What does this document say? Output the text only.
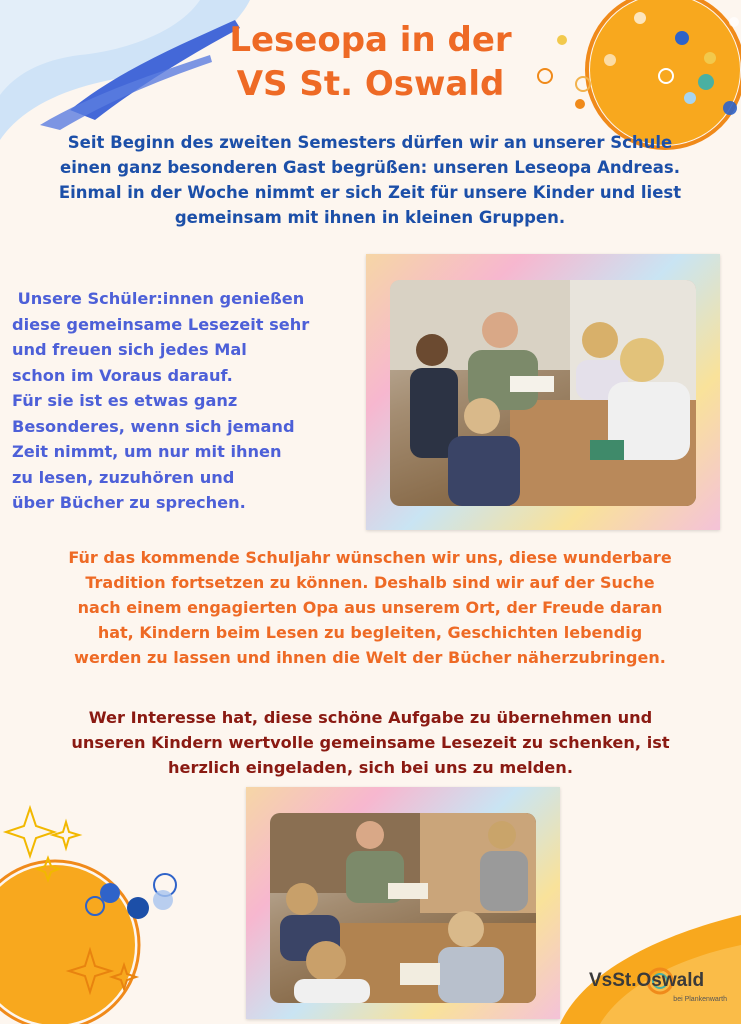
Leseopa in der
VS St. Oswald
Seit Beginn des zweiten Semesters dürfen wir an unserer Schule
einen ganz besonderen Gast begrüßen: unseren Leseopa Andreas.
Einmal in der Woche nimmt er sich Zeit für unsere Kinder und liest
gemeinsam mit ihnen in kleinen Gruppen.
Unsere Schüler:innen genießen
diese gemeinsame Lesezeit sehr
und freuen sich jedes Mal
schon im Voraus darauf.
Für sie ist es etwas ganz
Besonderes, wenn sich jemand
Zeit nimmt, um nur mit ihnen
zu lesen, zuzuhören und
über Bücher zu sprechen.
Für das kommende Schuljahr wünschen wir uns, diese wunderbare
Tradition fortsetzen zu können. Deshalb sind wir auf der Suche
nach einem engagierten Opa aus unserem Ort, der Freude daran
hat, Kindern beim Lesen zu begleiten, Geschichten lebendig
werden zu lassen und ihnen die Welt der Bücher näherzubringen.
Wer Interesse hat, diese schöne Aufgabe zu übernehmen und
unseren Kindern wertvolle gemeinsame Lesezeit zu schenken, ist
herzlich eingeladen, sich bei uns zu melden.
VsSt.Oswald
bei Plankenwarth
